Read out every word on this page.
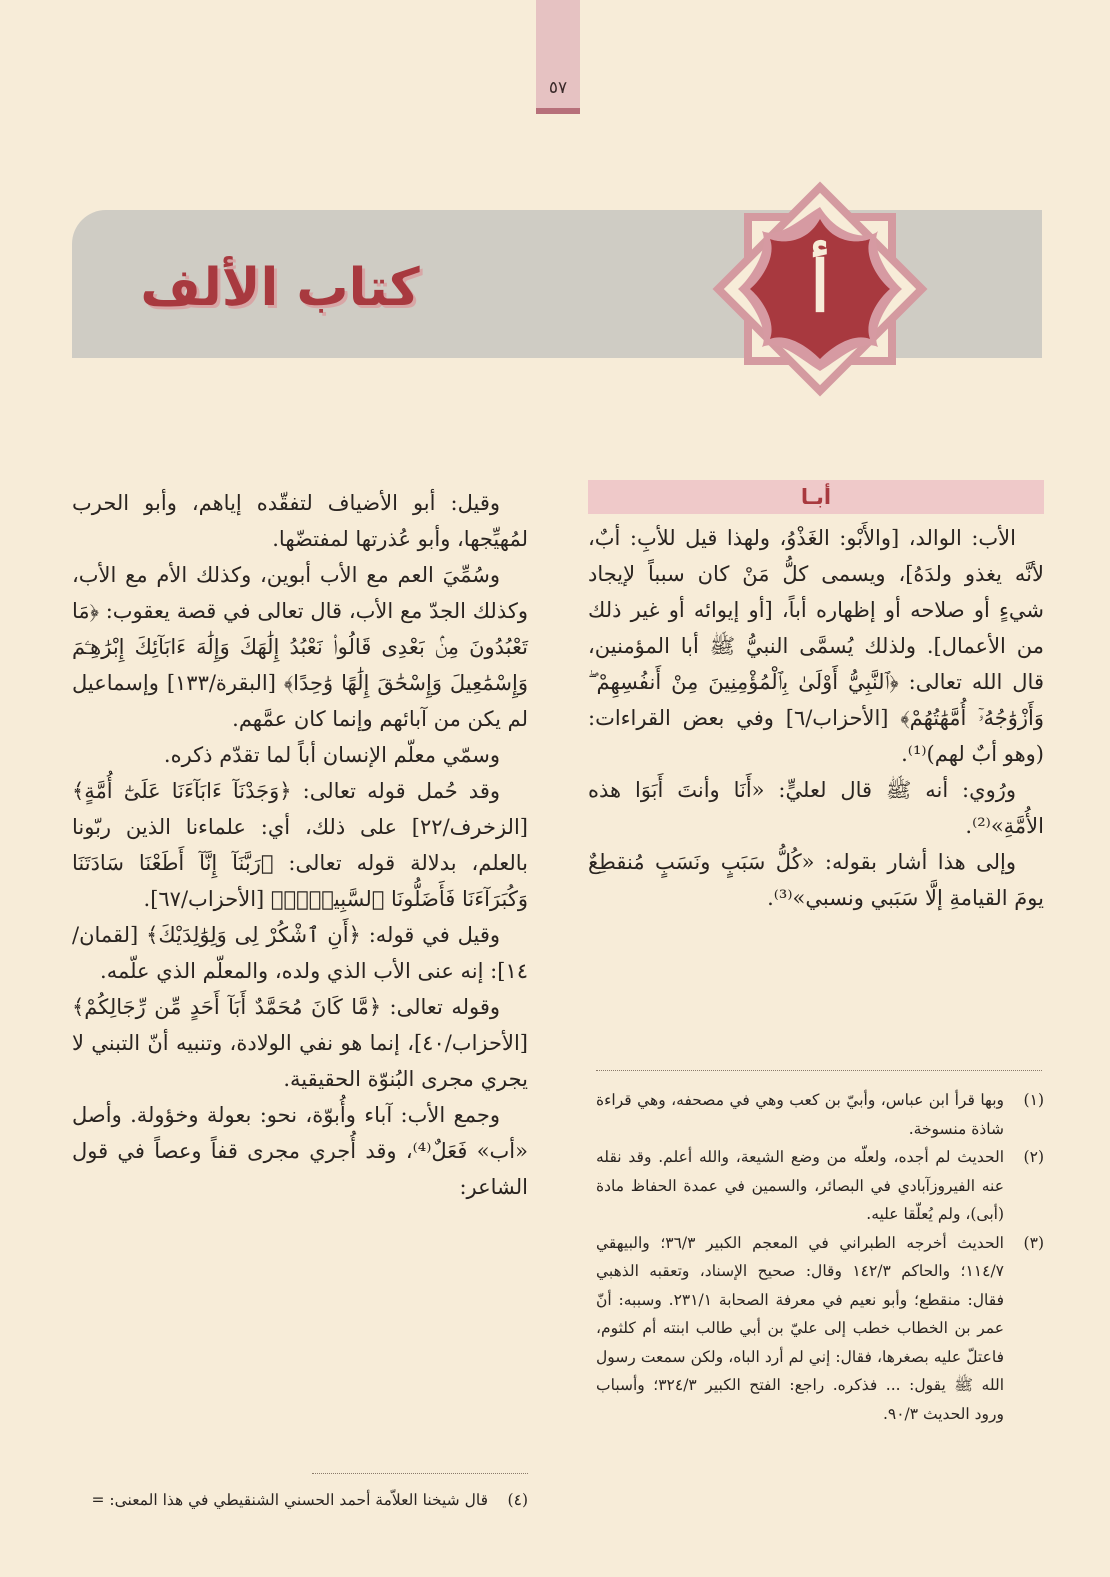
٥٧
كتاب الألف	أ
أبـا

الأب: الوالد، [والأَبْو: الغَذْوُ، ولهذا قيل للأبِ: أبٌ، لأنَّه يغذو ولدَهُ]، ويسمى كلُّ مَنْ كان سبباً لإيجاد شيءٍ أو صلاحه أو إظهاره أباً، [أو إيوائه أو غير ذلك من الأعمال]. ولذلك يُسمَّى النبيُّ ﷺ أبا المؤمنين، قال الله تعالى: ﴿ٱلنَّبِيُّ أَوْلَىٰ بِٱلْمُؤْمِنِينَ مِنْ أَنفُسِهِمْ ۖ وَأَزْوَٰجُهُۥٓ أُمَّهَٰتُهُمْ﴾ [الأحزاب/٦] وفي بعض القراءات: (وهو أبٌ لهم)⁽¹⁾.

ورُوي: أنه ﷺ قال لعليٍّ: «أَنَا وأنتَ أَبَوَا هذه الأُمَّةِ»⁽²⁾.

وإلى هذا أشار بقوله: «كُلُّ سَبَبٍ ونَسَبٍ مُنقطِعٌ يومَ القيامةِ إلَّا سَبَبي ونسبي»⁽³⁾.

(١)
وبها قرأ ابن عباس، وأبيّ بن كعب وهي في مصحفه، وهي قراءة شاذة منسوخة.
(٢)
الحديث لم أجده، ولعلّه من وضع الشيعة، والله أعلم. وقد نقله عنه الفيروزآبادي في البصائر، والسمين في عمدة الحفاظ مادة (أبى)، ولم يُعلّقا عليه.
(٣)
الحديث أخرجه الطبراني في المعجم الكبير ٣٦/٣؛ والبيهقي ١١٤/٧؛ والحاكم ١٤٢/٣ وقال: صحيح الإسناد، وتعقبه الذهبي فقال: منقطع؛ وأبو نعيم في معرفة الصحابة ٢٣١/١. وسببه: أنّ عمر بن الخطاب خطب إلى عليّ بن أبي طالب ابنته أم كلثوم، فاعتلّ عليه بصغرها، فقال: إني لم أرد الباه، ولكن سمعت رسول الله ﷺ يقول: ... فذكره. راجع: الفتح الكبير ٣٢٤/٣؛ وأسباب ورود الحديث ٩٠/٣.

وقيل: أبو الأضياف لتفقّده إياهم، وأبو الحرب لمُهيِّجها، وأبو عُذرتها لمفتضّها.

وسُمِّيَ العم مع الأب أبوين، وكذلك الأم مع الأب، وكذلك الجدّ مع الأب، قال تعالى في قصة يعقوب: ﴿مَا تَعْبُدُونَ مِنۢ بَعْدِى قَالُوا۟ نَعْبُدُ إِلَٰهَكَ وَإِلَٰهَ ءَابَآئِكَ إِبْرَٰهِـۧمَ وَإِسْمَٰعِيلَ وَإِسْحَٰقَ إِلَٰهًا وَٰحِدًا﴾ [البقرة/١٣٣] وإسماعيل لم يكن من آبائهم وإنما كان عمَّهم.

وسمّي معلّم الإنسان أباً لما تقدّم ذكره.

وقد حُمل قوله تعالى: ﴿وَجَدْنَآ ءَابَآءَنَا عَلَىٰٓ أُمَّةٍ﴾ [الزخرف/٢٢] على ذلك، أي: علماءنا الذين ربّونا بالعلم، بدلالة قوله تعالى: ﴿رَبَّنَآ إِنَّآ أَطَعْنَا سَادَتَنَا وَكُبَرَآءَنَا فَأَضَلُّونَا ٱلسَّبِيلَا۠﴾ [الأحزاب/٦٧].

وقيل في قوله: ﴿أَنِ ٱشْكُرْ لِى وَلِوَٰلِدَيْكَ﴾ [لقمان/١٤]: إنه عنى الأب الذي ولده، والمعلّم الذي علّمه.

وقوله تعالى: ﴿مَّا كَانَ مُحَمَّدٌ أَبَآ أَحَدٍ مِّن رِّجَالِكُمْ﴾ [الأحزاب/٤٠]، إنما هو نفي الولادة، وتنبيه أنّ التبني لا يجري مجرى البُنوّة الحقيقية.

وجمع الأب: آباء وأُبوّة، نحو: بعولة وخؤولة. وأصل «أب» فَعَلٌ⁽⁴⁾، وقد أُجري مجرى قفاً وعصاً في قول الشاعر:

(٤)
قال شيخنا العلاّمة أحمد الحسني الشنقيطي في هذا المعنى: =
